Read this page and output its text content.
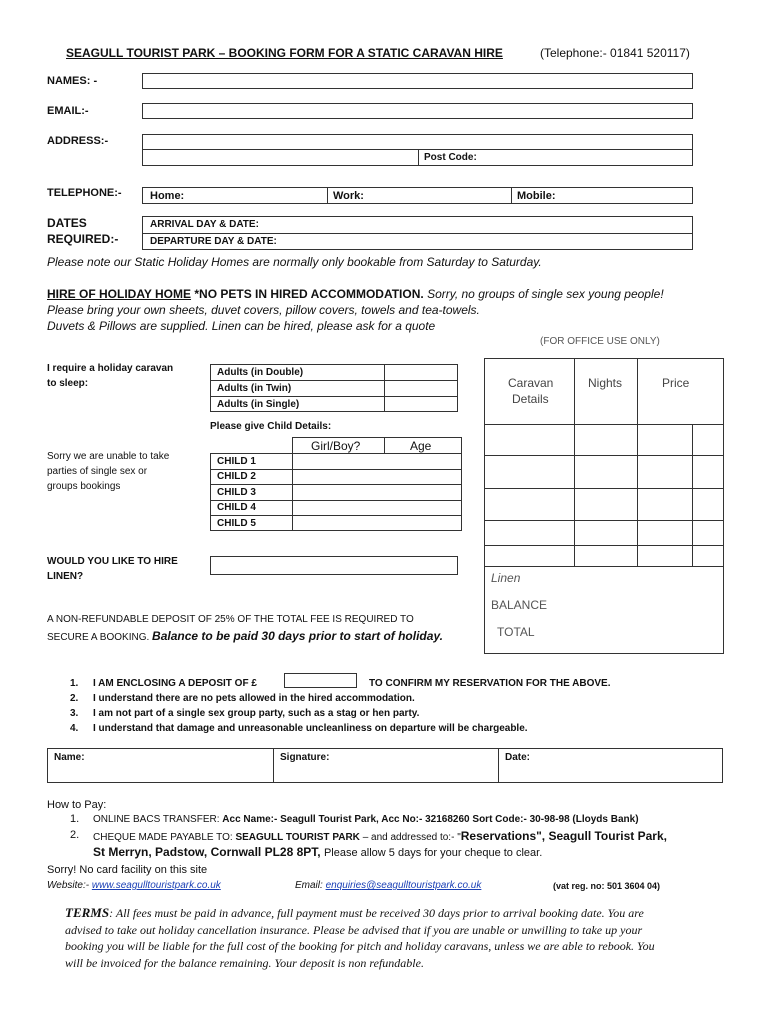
SEAGULL TOURIST PARK – BOOKING FORM FOR A STATIC CARAVAN HIRE	(Telephone:- 01841 520117)
NAMES: -
EMAIL:-
ADDRESS:-
Post Code:
TELEPHONE:-	Home:	Work:	Mobile:
DATES
REQUIRED:-
ARRIVAL DAY & DATE:
DEPARTURE DAY & DATE:
Please note our Static Holiday Homes are normally only bookable from Saturday to Saturday.
HIRE OF HOLIDAY HOME *NO PETS IN HIRED ACCOMMODATION. Sorry, no groups of single sex young people!
Please bring your own sheets, duvet covers, pillow covers, towels and tea-towels.
Duvets & Pillows are supplied. Linen can be hired, please ask for a quote
(FOR OFFICE USE ONLY)
I require a holiday caravan
to sleep:
Adults (in Double)
Adults (in Twin)
Adults (in Single)
Please give Child Details:
Sorry we are unable to take
parties of single sex or
groups bookings
Girl/Boy?	Age
CHILD 1
CHILD 2
CHILD 3
CHILD 4
CHILD 5
WOULD YOU LIKE TO HIRE
LINEN?
Caravan
Details
Nights	Price
Linen
BALANCE
TOTAL
A NON-REFUNDABLE DEPOSIT OF 25% OF THE TOTAL FEE IS REQUIRED TO
SECURE A BOOKING. Balance to be paid 30 days prior to start of holiday.
1. I AM ENCLOSING A DEPOSIT OF £	TO CONFIRM MY RESERVATION FOR THE ABOVE.
2. I understand there are no pets allowed in the hired accommodation.
3. I am not part of a single sex group party, such as a stag or hen party.
4. I understand that damage and unreasonable uncleanliness on departure will be chargeable.
Name:	Signature:	Date:
How to Pay:
1. ONLINE BACS TRANSFER: Acc Name:- Seagull Tourist Park, Acc No:- 32168260 Sort Code:- 30-98-98 (Lloyds Bank)
2. CHEQUE MADE PAYABLE TO: SEAGULL TOURIST PARK – and addressed to:- "Reservations", Seagull Tourist Park,
St Merryn, Padstow, Cornwall PL28 8PT, Please allow 5 days for your cheque to clear.
Sorry! No card facility on this site
Website:- www.seagulltouristpark.co.uk	Email: enquiries@seagulltouristpark.co.uk	(vat reg. no: 501 3604 04)
TERMS: All fees must be paid in advance, full payment must be received 30 days prior to arrival booking date. You are
advised to take out holiday cancellation insurance. Please be advised that if you are unable or unwilling to take up your
booking you will be liable for the full cost of the booking for pitch and holiday caravans, unless we are able to rebook. You
will be invoiced for the balance remaining. Your deposit is non refundable.
